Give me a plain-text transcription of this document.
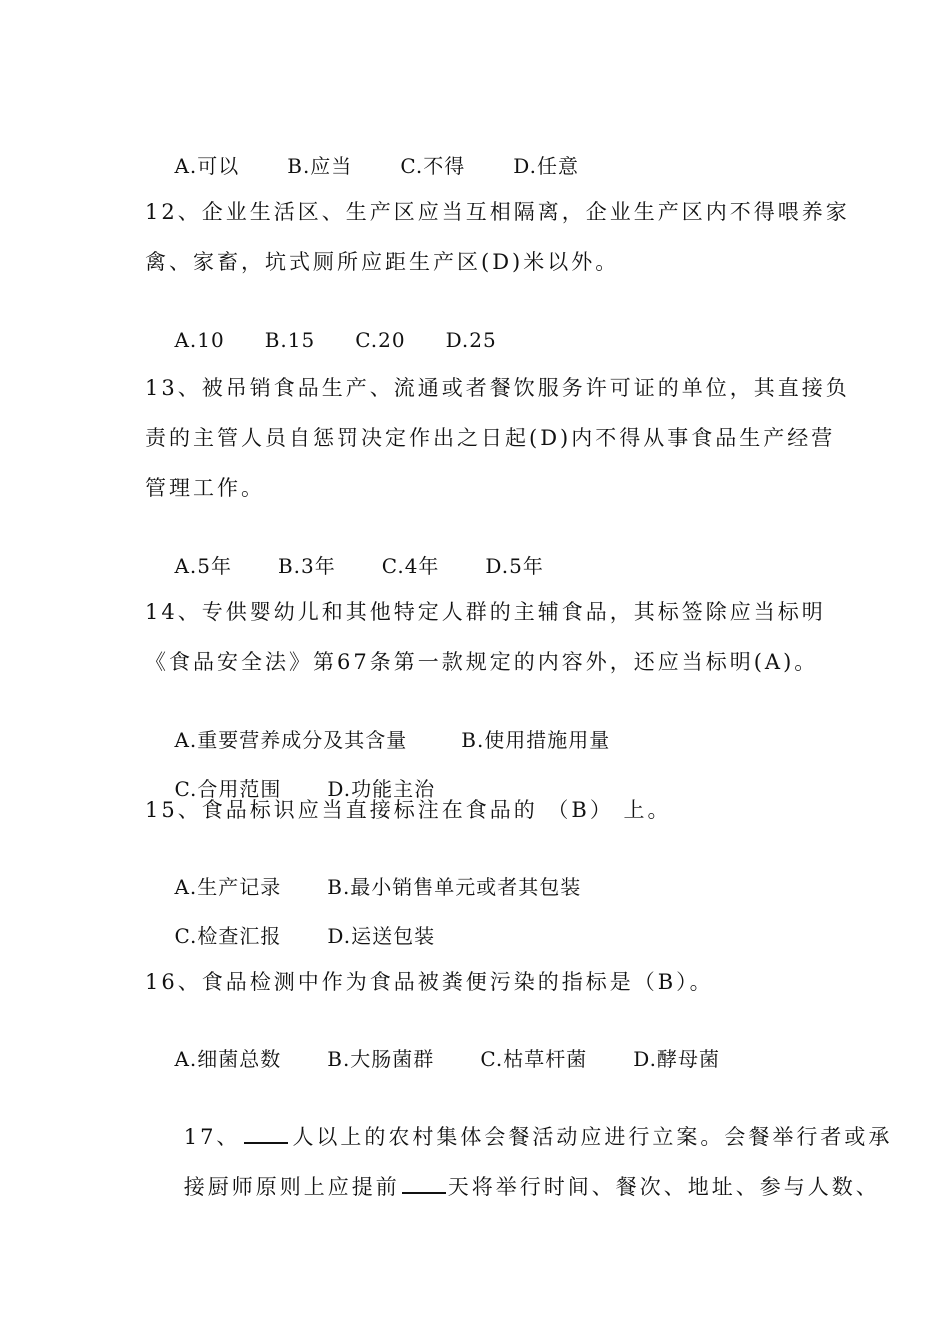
A.可以 B.应当 C.不得 D.任意

12、企业生活区、生产区应当互相隔离，企业生产区内不得喂养家
禽、家畜，坑式厕所应距生产区(D)米以外。

A.10 B.15 C.20 D.25

13、被吊销食品生产、流通或者餐饮服务许可证的单位，其直接负
责的主管人员自惩罚决定作出之日起(D)内不得从事食品生产经营
管理工作。

A.5年 B.3年 C.4年 D.5年

14、专供婴幼儿和其他特定人群的主辅食品，其标签除应当标明
《食品安全法》第67条第一款规定的内容外，还应当标明(A)。

A.重要营养成分及其含量	B.使用措施用量

C.合用范围 D.功能主治

15、食品标识应当直接标注在食品的 （B） 上。

A.生产记录 B.最小销售单元或者其包装

C.检查汇报 D.运送包装

16、食品检测中作为食品被粪便污染的指标是（B）。

A.细菌总数 B.大肠菌群 C.枯草杆菌 D.酵母菌

17、 人以上的农村集体会餐活动应进行立案。会餐举行者或承

接厨师原则上应提前 天将举行时间、餐次、地址、参与人数、
